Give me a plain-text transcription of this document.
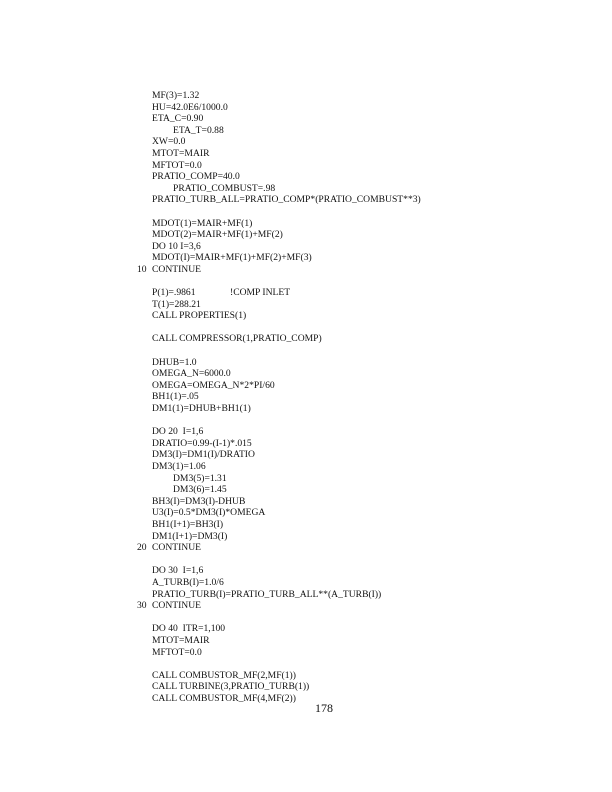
MF(3)=1.32
HU=42.0E6/1000.0
ETA_C=0.90
ETA_T=0.88
XW=0.0
MTOT=MAIR
MFTOT=0.0
PRATIO_COMP=40.0
PRATIO_COMBUST=.98
PRATIO_TURB_ALL=PRATIO_COMP*(PRATIO_COMBUST**3)
MDOT(1)=MAIR+MF(1)
MDOT(2)=MAIR+MF(1)+MF(2)
DO 10 I=3,6
MDOT(I)=MAIR+MF(1)+MF(2)+MF(3)
10 CONTINUE
P(1)=.9861	!COMP INLET
T(1)=288.21
CALL PROPERTIES(1)
CALL COMPRESSOR(1,PRATIO_COMP)
DHUB=1.0
OMEGA_N=6000.0
OMEGA=OMEGA_N*2*PI/60
BH1(1)=.05
DM1(1)=DHUB+BH1(1)
DO 20  I=1,6
DRATIO=0.99-(I-1)*.015
DM3(I)=DM1(I)/DRATIO
DM3(1)=1.06
DM3(5)=1.31
DM3(6)=1.45
BH3(I)=DM3(I)-DHUB
U3(I)=0.5*DM3(I)*OMEGA
BH1(I+1)=BH3(I)
DM1(I+1)=DM3(I)
20 CONTINUE
DO 30  I=1,6
A_TURB(I)=1.0/6
PRATIO_TURB(I)=PRATIO_TURB_ALL**(A_TURB(I))
30 CONTINUE
DO 40  ITR=1,100
MTOT=MAIR
MFTOT=0.0
CALL COMBUSTOR_MF(2,MF(1))
CALL TURBINE(3,PRATIO_TURB(1))
CALL COMBUSTOR_MF(4,MF(2))
178
